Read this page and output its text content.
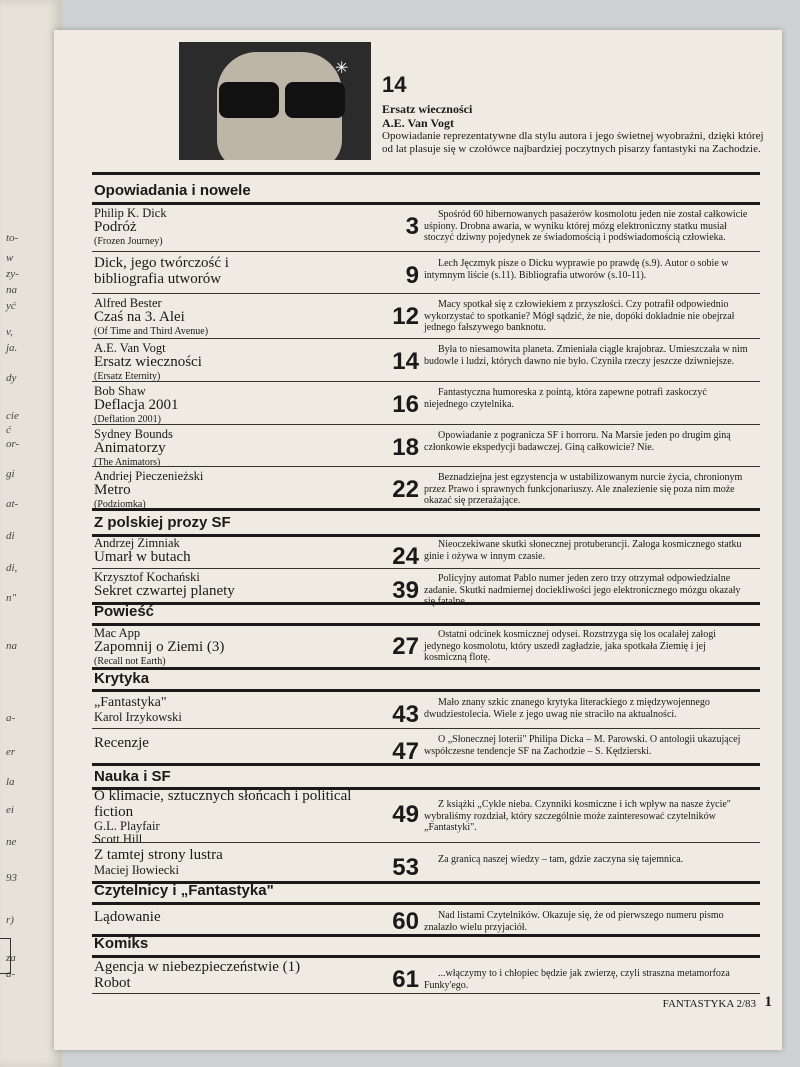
to-
w
zy-
na
yć
v,
ja.
dy
cie
ć
or-
gi
at-
di
di,
n"
na
a-
er
la
ei
ne
93
r)
za
a-
✳
14
Ersatz wieczności
A.E. Van Vogt
Opowiadanie reprezentatywne dla stylu autora i jego świetnej wyobraźni, dzięki której od lat plasuje się w czołówce najbardziej poczytnych pisarzy fantastyki na Zachodzie.
Opowiadania i nowele
Philip K. Dick
Podróż
(Frozen Journey)
3	Spośród 60 hibernowanych pasażerów kosmolotu jeden nie został całkowicie uśpiony. Drobna awaria, w wyniku której mózg elektroniczny statku musiał stoczyć dziwny pojedynek ze świadomością i podświadomością człowieka.
Dick, jego twórczość i bibliografia utworów	9	Lech Jęczmyk pisze o Dicku wyprawie po prawdę (s.9). Autor o sobie w intymnym liście (s.11). Bibliografia utworów (s.10-11).
Alfred Bester
Czaś na 3. Alei
(Of Time and Third Avenue)
12	Macy spotkał się z człowiekiem z przyszłości. Czy potrafił odpowiednio wykorzystać to spotkanie? Mógł sądzić, że nie, dopóki dokładnie nie obejrzał jednego fałszywego banknotu.
A.E. Van Vogt
Ersatz wieczności
(Ersatz Eternity)
14	Była to niesamowita planeta. Zmieniała ciągle krajobraz. Umieszczała w nim budowle i ludzi, których dawno nie było. Czyniła rzeczy jeszcze dziwniejsze.
Bob Shaw
Deflacja 2001
(Deflation 2001)
16	Fantastyczna humoreska z pointą, która zapewne potrafi zaskoczyć niejednego czytelnika.
Sydney Bounds
Animatorzy
(The Animators)
18	Opowiadanie z pogranicza SF i horroru. Na Marsie jeden po drugim giną członkowie ekspedycji badawczej. Giną całkowicie? Nie.
Andriej Pieczenieżski
Metro
(Podziomka)
22	Beznadziejna jest egzystencja w ustabilizowanym nurcie życia, chronionym przez Prawo i sprawnych funkcjonariuszy. Ale znalezienie się poza nim może okazać się przerażające.
Z polskiej prozy SF
Andrzej Zimniak
Umarł w butach	24	Nieoczekiwane skutki słonecznej protuberancji. Załoga kosmicznego statku ginie i ożywa w innym czasie.
Krzysztof Kochański
Sekret czwartej planety	39	Policyjny automat Pablo numer jeden zero trzy otrzymał odpowiedzialne zadanie. Skutki nadmiernej dociekliwości jego elektronicznego mózgu okazały się fatalne.
Powieść
Mac App
Zapomnij o Ziemi (3)
(Recall not Earth)
27	Ostatni odcinek kosmicznej odysei. Rozstrzyga się los ocalałej załogi jedynego kosmolotu, który uszedł zagładzie, jaka spotkała Ziemię i jej kosmiczną flotę.
Krytyka
„Fantastyka"
Karol Irzykowski	43	Mało znany szkic znanego krytyka literackiego z międzywojennego dwudziestolecia. Wiele z jego uwag nie straciło na aktualności.
Recenzje	47	O „Słonecznej loterii" Philipa Dicka – M. Parowski. O antologii ukazującej współczesne tendencje SF na Zachodzie – S. Kędzierski.
Nauka i SF
O klimacie, sztucznych słońcach i political fiction
G.L. Playfair
Scott Hill
49	Z książki „Cykle nieba. Czynniki kosmiczne i ich wpływ na nasze życie" wybraliśmy rozdział, który szczególnie może zainteresować czytelników „Fantastyki".
Z tamtej strony lustra
Maciej Iłowiecki	53	Za granicą naszej wiedzy – tam, gdzie zaczyna się tajemnica.
Czytelnicy i „Fantastyka"
Lądowanie	60	Nad listami Czytelników. Okazuje się, że od pierwszego numeru pismo znalazło wielu przyjaciół.
Komiks
Agencja w niebezpieczeństwie (1)
Robot	61	...włączymy to i chłopiec będzie jak zwierzę, czyli straszna metamorfoza Funky'ego.
FANTASTYKA 2/83 1
